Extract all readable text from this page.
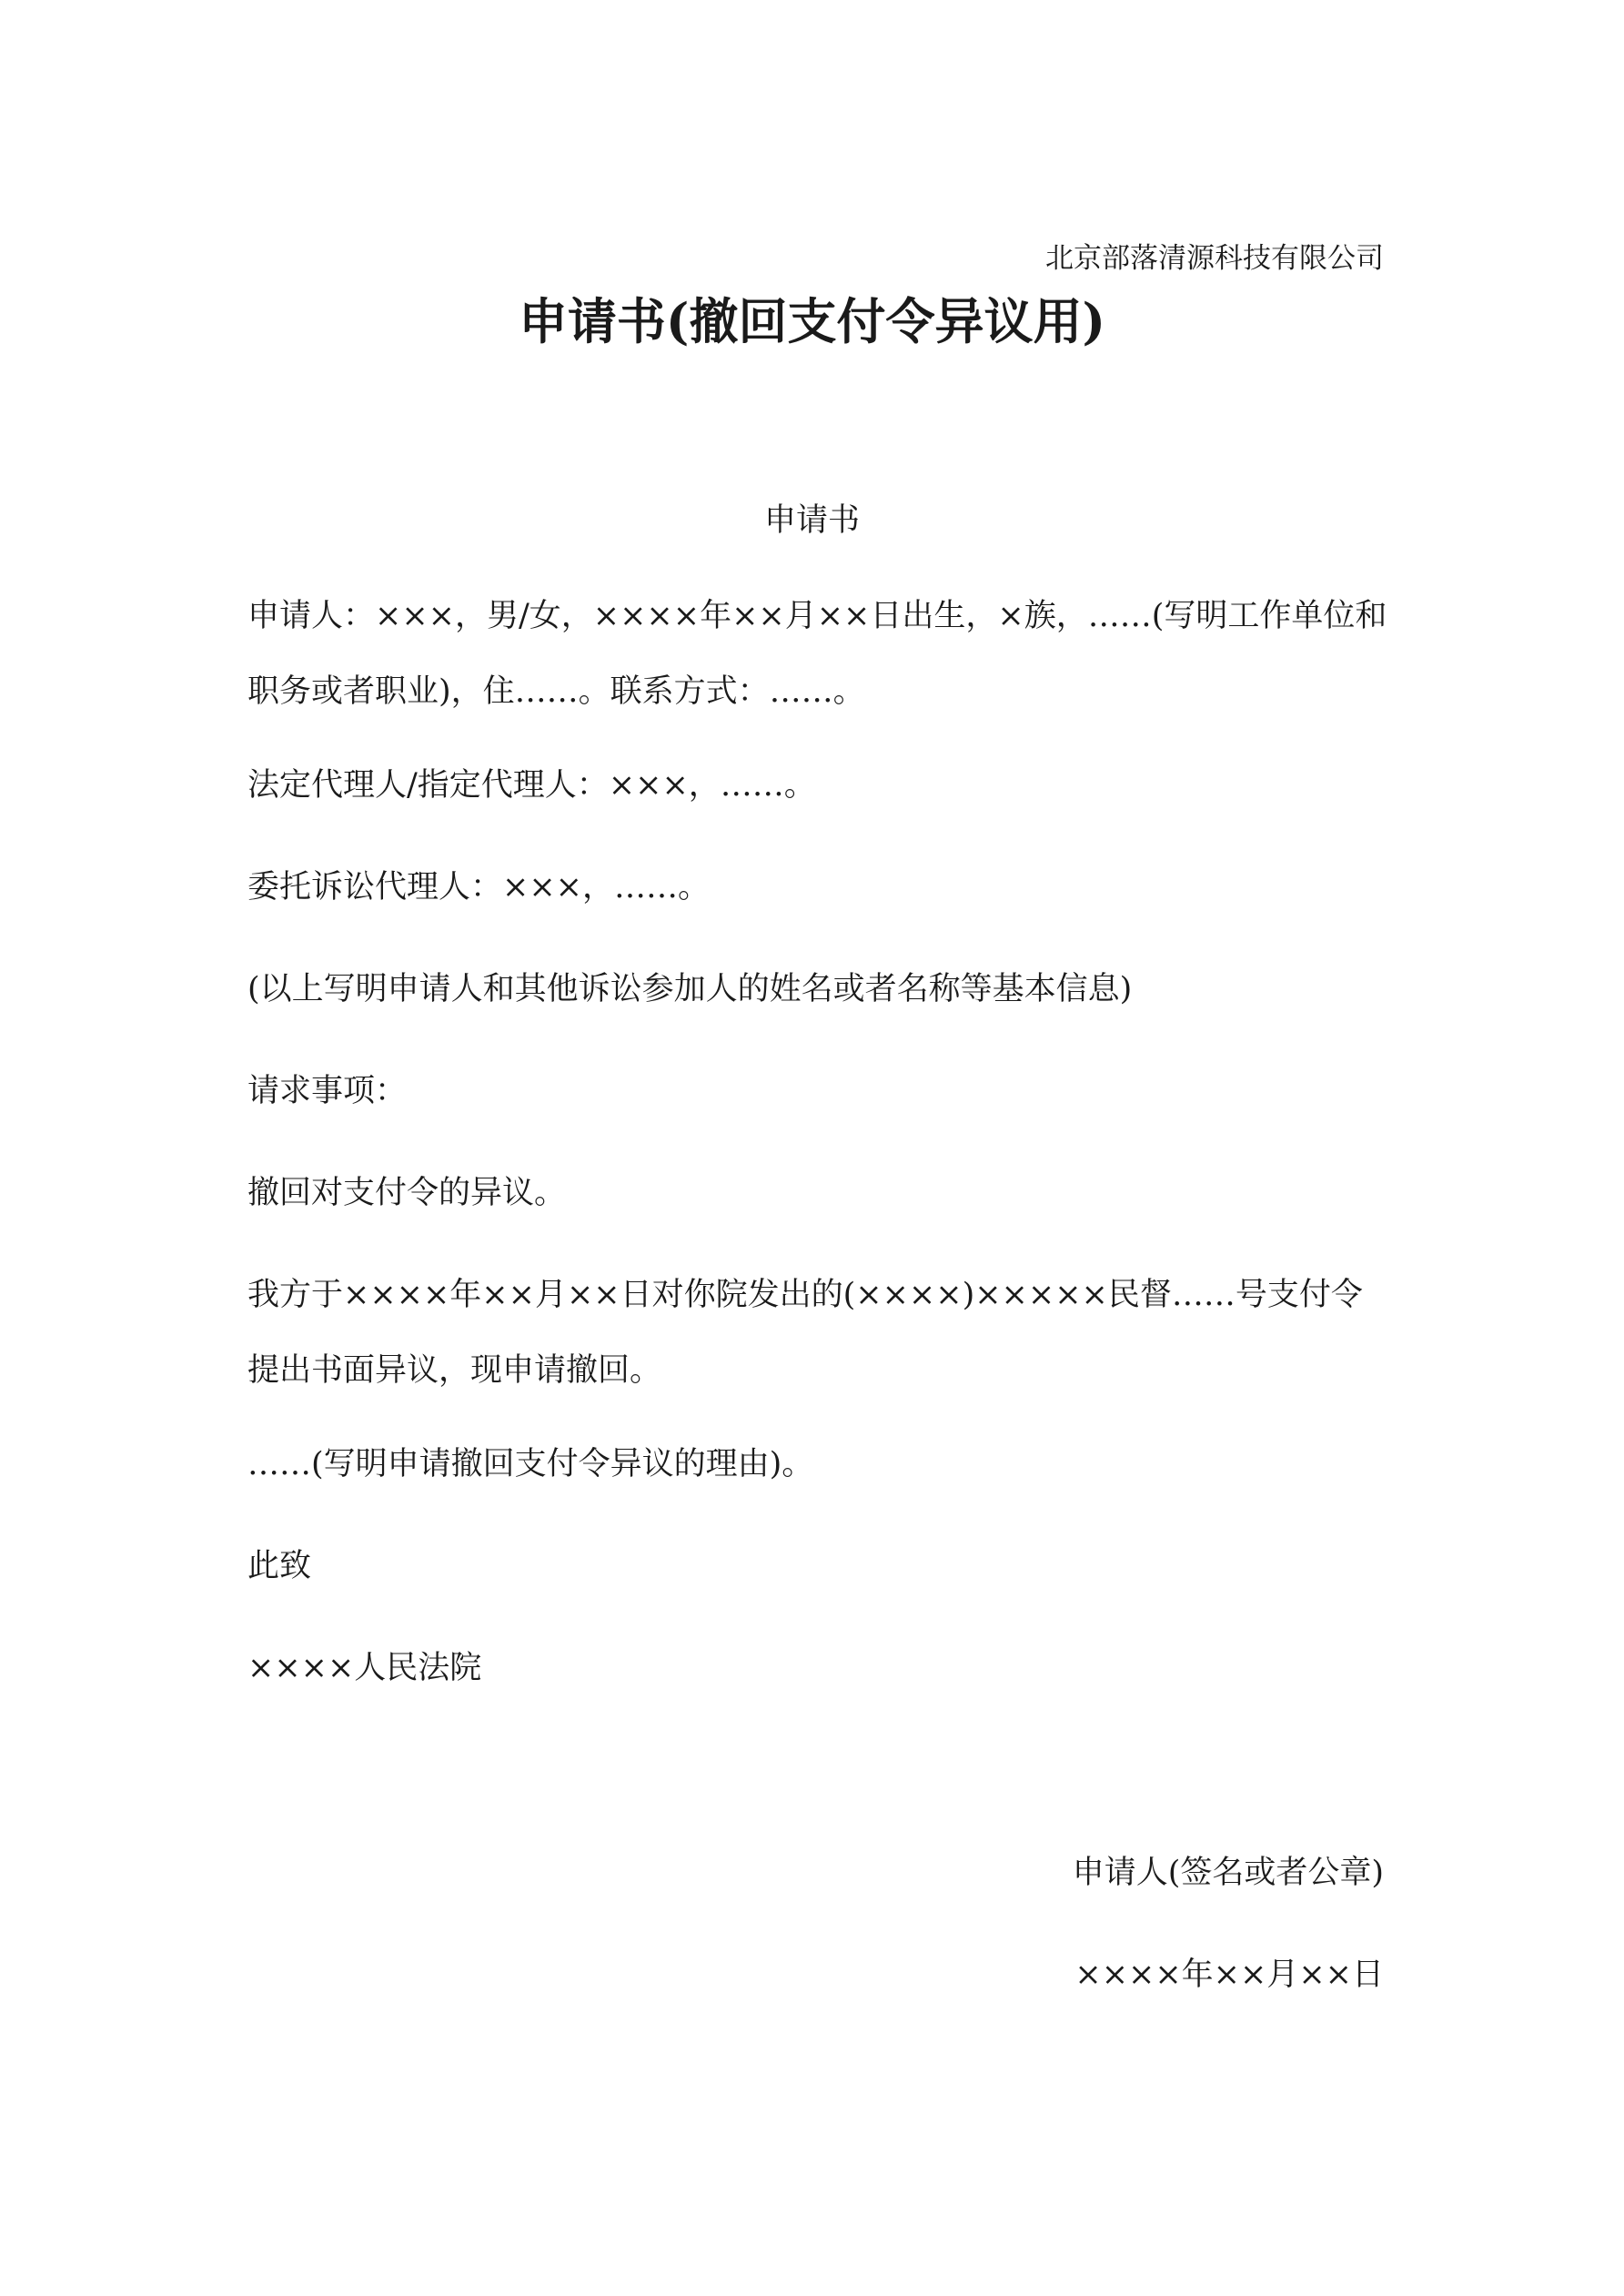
北京部落清源科技有限公司
申请书(撤回支付令异议用)
申请书

申请人：×××，男/女，××××年××月××日出生，×族，……(写明工作单位和职务或者职业)，住……。联系方式：……。

法定代理人/指定代理人：×××，……。

委托诉讼代理人：×××，……。

(以上写明申请人和其他诉讼参加人的姓名或者名称等基本信息)

请求事项：

撤回对支付令的异议。

我方于××××年××月××日对你院发出的(××××)×××××民督……号支付令提出书面异议，现申请撤回。

……(写明申请撤回支付令异议的理由)。

此致

××××人民法院

申请人(签名或者公章)
××××年××月××日
